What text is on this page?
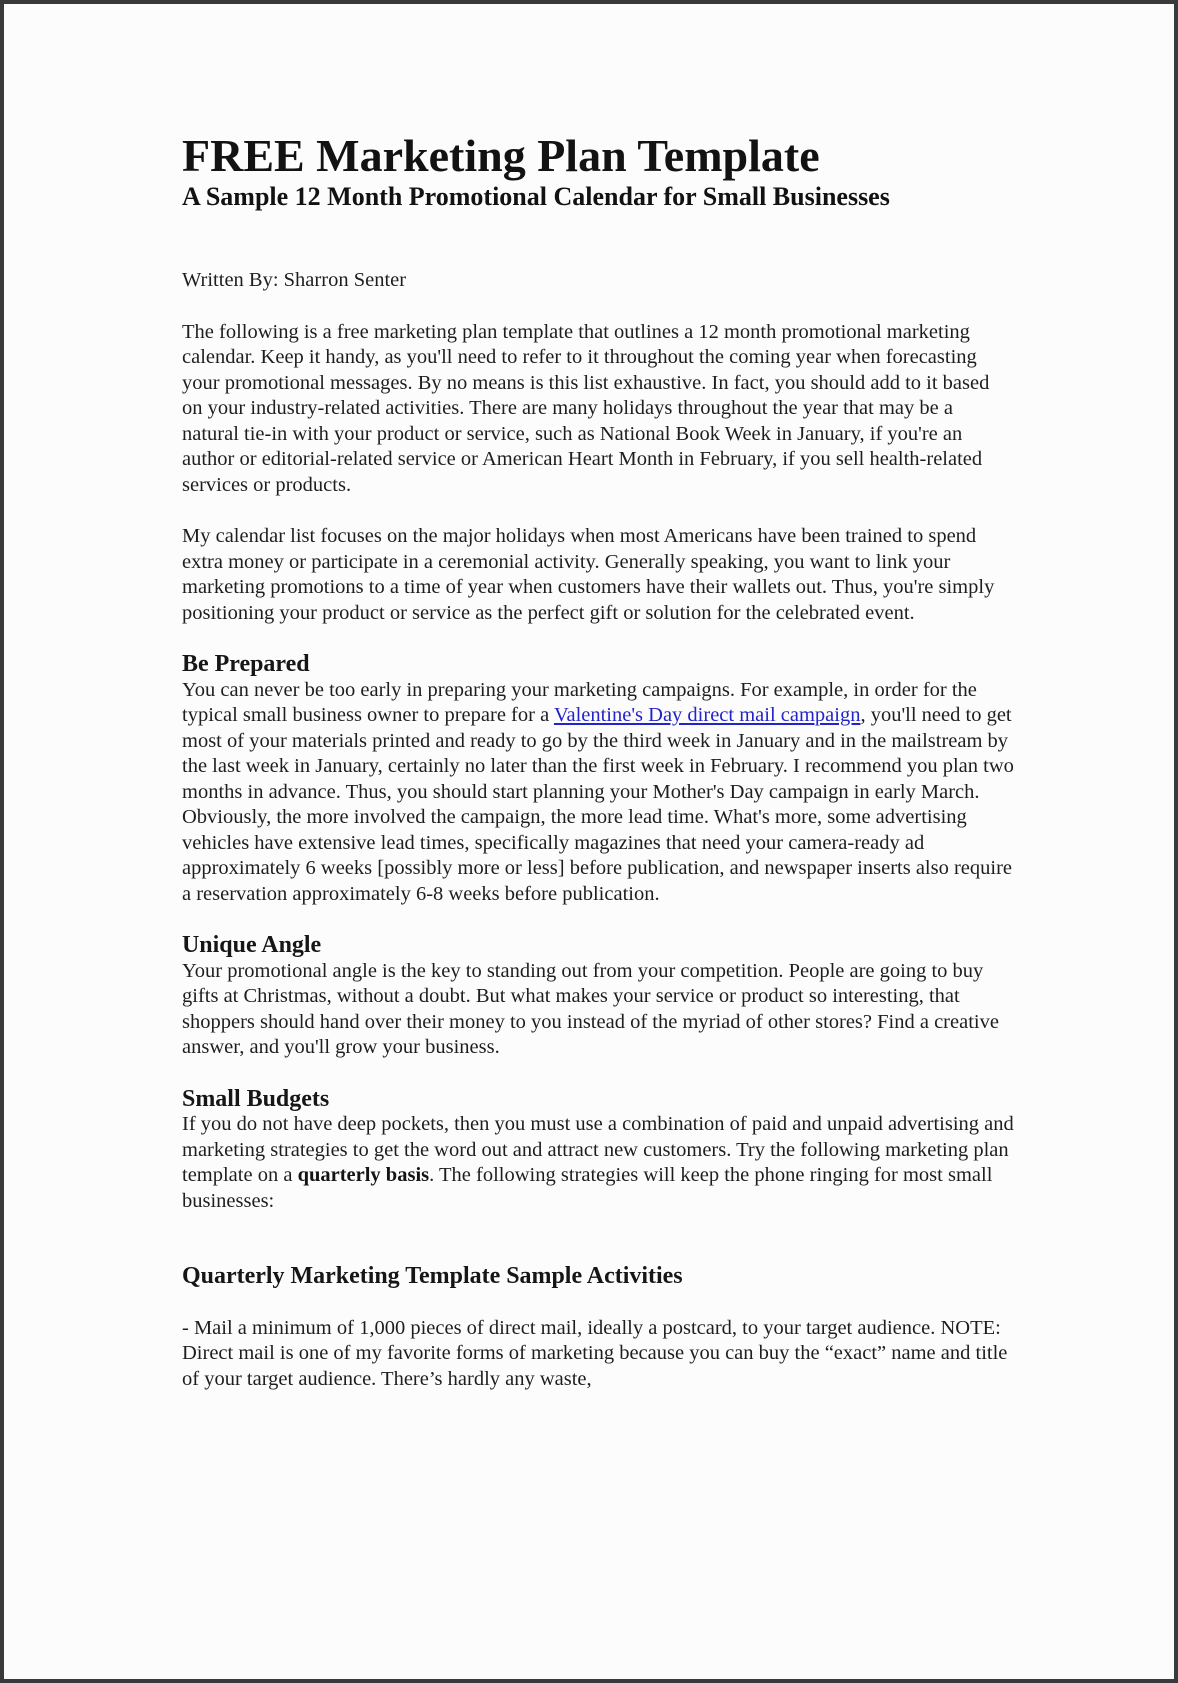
FREE Marketing Plan Template
A Sample 12 Month Promotional Calendar for Small Businesses

Written By: Sharron Senter

The following is a free marketing plan template that outlines a 12 month promotional marketing calendar. Keep it handy, as you'll need to refer to it throughout the coming year when forecasting your promotional messages. By no means is this list exhaustive. In fact, you should add to it based on your industry-related activities. There are many holidays throughout the year that may be a natural tie-in with your product or service, such as National Book Week in January, if you're an author or editorial-related service or American Heart Month in February, if you sell health-related services or products.

My calendar list focuses on the major holidays when most Americans have been trained to spend extra money or participate in a ceremonial activity. Generally speaking, you want to link your marketing promotions to a time of year when customers have their wallets out. Thus, you're simply positioning your product or service as the perfect gift or solution for the celebrated event.

Be Prepared

You can never be too early in preparing your marketing campaigns. For example, in order for the typical small business owner to prepare for a Valentine's Day direct mail campaign, you'll need to get most of your materials printed and ready to go by the third week in January and in the mailstream by the last week in January, certainly no later than the first week in February. I recommend you plan two months in advance. Thus, you should start planning your Mother's Day campaign in early March. Obviously, the more involved the campaign, the more lead time. What's more, some advertising vehicles have extensive lead times, specifically magazines that need your camera-ready ad approximately 6 weeks [possibly more or less] before publication, and newspaper inserts also require a reservation approximately 6-8 weeks before publication.

Unique Angle

Your promotional angle is the key to standing out from your competition. People are going to buy gifts at Christmas, without a doubt. But what makes your service or product so interesting, that shoppers should hand over their money to you instead of the myriad of other stores? Find a creative answer, and you'll grow your business.

Small Budgets

If you do not have deep pockets, then you must use a combination of paid and unpaid advertising and marketing strategies to get the word out and attract new customers. Try the following marketing plan template on a quarterly basis. The following strategies will keep the phone ringing for most small businesses:

Quarterly Marketing Template Sample Activities

- Mail a minimum of 1,000 pieces of direct mail, ideally a postcard, to your target audience. NOTE: Direct mail is one of my favorite forms of marketing because you can buy the “exact” name and title of your target audience. There’s hardly any waste,
